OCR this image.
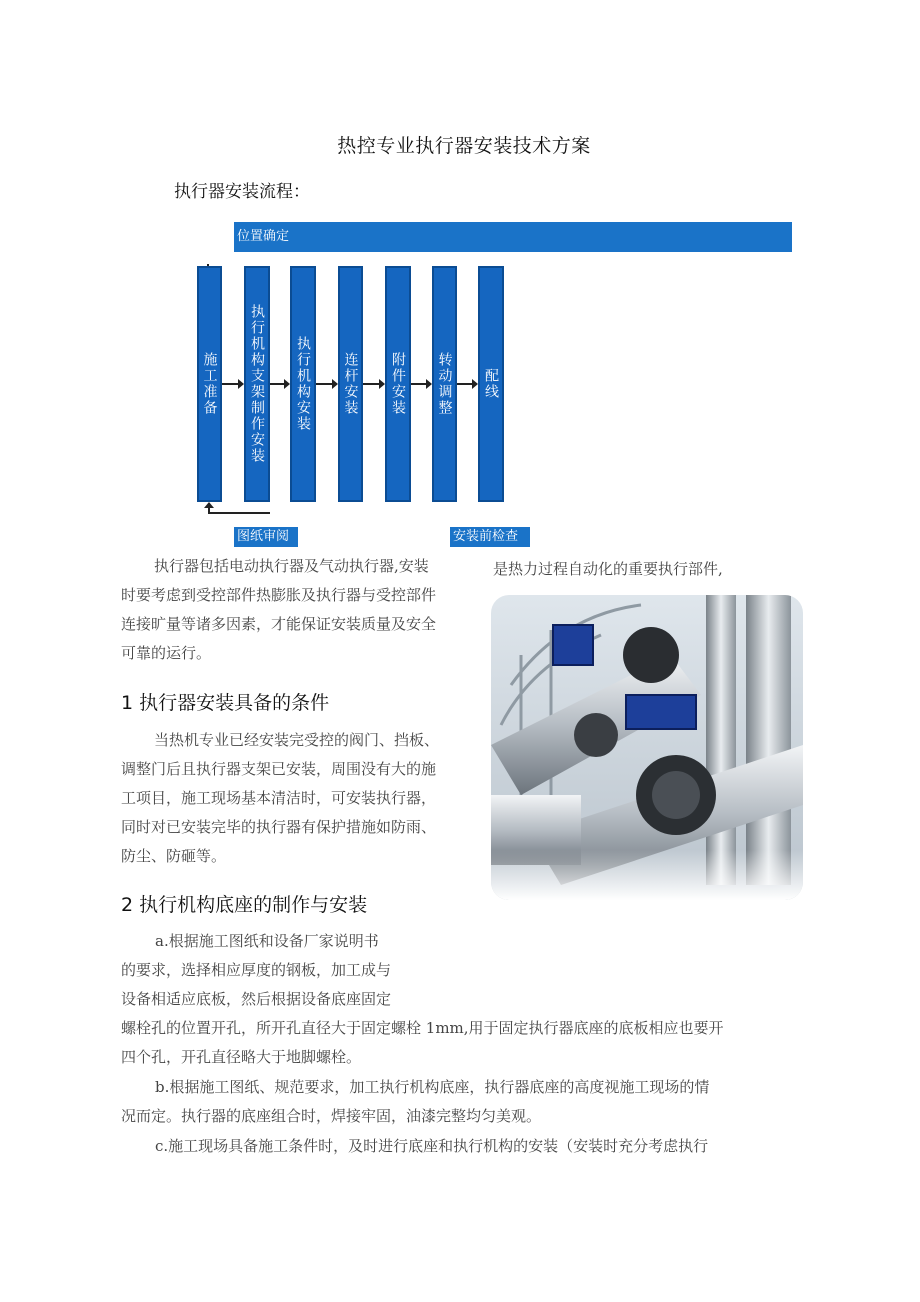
热控专业执行器安装技术方案
执行器安装流程：
位置确定
施工准备 执行机构支架制作安装 执行机构安装 连杆安装 附件安装 转动调整 配线
图纸审阅	安装前检查
执行器包括电动执行器及气动执行器,安装	是热力过程自动化的重要执行部件,
时要考虑到受控部件热膨胀及执行器与受控部件
连接旷量等诸多因素，才能保证安装质量及安全
可靠的运行。
1 执行器安装具备的条件
当热机专业已经安装完受控的阀门、挡板、
调整门后且执行器支架已安装，周围没有大的施
工项目，施工现场基本清洁时，可安装执行器，
同时对已安装完毕的执行器有保护措施如防雨、
防尘、防砸等。
2 执行机构底座的制作与安装
a.根据施工图纸和设备厂家说明书
的要求，选择相应厚度的钢板，加工成与
设备相适应底板，然后根据设备底座固定
螺栓孔的位置开孔，所开孔直径大于固定螺栓 1mm,用于固定执行器底座的底板相应也要开
四个孔，开孔直径略大于地脚螺栓。
b.根据施工图纸、规范要求，加工执行机构底座，执行器底座的高度视施工现场的情
况而定。执行器的底座组合时，焊接牢固，油漆完整均匀美观。
c.施工现场具备施工条件时，及时进行底座和执行机构的安装（安装时充分考虑执行
